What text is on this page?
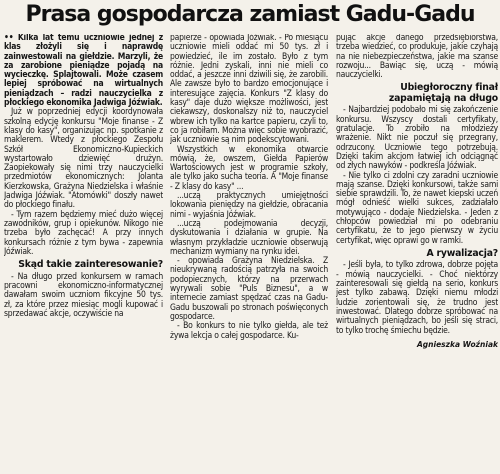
Prasa gospodarcza zamiast Gadu-Gadu

•• Kilka lat temu uczniowie jednej z klas złożyli się i naprawdę zainwestowali na giełdzie. Marzyli, że za zarobione pieniądze pojadą na wycieczkę. Splajtowali. Może czasem lepiej spróbować na wirtualnych pieniądzach – radzi nauczycielka z płockiego ekonomika Jadwiga Jóźwiak.

Już w poprzedniej edycji koordynowała szkolną edycję konkursu "Moje finanse - Z klasy do kasy", organizując np. spotkanie z maklerem. Wtedy z płockiego Zespołu Szkół Ekonomiczno-Kupieckich wystartowało dziewięć drużyn. Zaopiekowały się nimi trzy nauczycielki przedmiotów ekonomicznych: Jolanta Kierzkowska, Grażyna Niedzielska i właśnie Jadwiga Jóźwiak. "Atomówki" doszły nawet do płockiego finału.

- Tym razem będziemy mieć dużo więcej zawodników, grup i opiekunów. Nikogo nie trzeba było zachęcać! A przy innych konkursach różnie z tym bywa - zapewnia Jóźwiak.

Skąd takie zainteresowanie?

- Na długo przed konkursem w ramach pracowni ekonomiczno-informatycznej dawałam swoim uczniom fikcyjne 50 tys. zł, za które przez miesiąc mogli kupować i sprzedawać akcje, oczywiście na

papierze - opowiada Jóźwiak. - Po miesiącu uczniowie mieli oddać mi 50 tys. zł i powiedzieć, ile im zostało. Było z tym różnie. Jedni zyskali, inni nie mieli co oddać, a jeszcze inni dziwili się, że zarobili. Ale zawsze było to bardzo emocjonujące i interesujące zajęcia. Konkurs "Z klasy do kasy" daje dużo większe możliwości, jest ciekawszy, doskonalszy niż to, nauczyciel wbrew ich tylko na kartce papieru, czyli to, co ja robiłam. Można więc sobie wyobrazić, jak uczniowie są nim podekscytowani.

Wszystkich w ekonomika otwarcie mówią, że, owszem, Giełda Papierów Wartościowych jest w programie szkoły, ale tylko jako sucha teoria. A "Moje finanse - Z klasy do kasy" ...

...uczą praktycznych umiejętności lokowania pieniędzy na giełdzie, obracania nimi - wyjaśnia Jóźwiak.

...uczą podejmowania decyzji, dyskutowania i działania w grupie. Na własnym przykładzie uczniowie obserwują mechanizm wymiany na rynku idei.

- opowiada Grażyna Niedzielska. Z nieukrywaną radością patrzyła na swoich podopiecznych, którzy na przerwach wyrywali sobie "Puls Biznesu", a w internecie zamiast spędzać czas na Gadu-Gadu buszowali po stronach poświęconych gospodarce.

- Bo konkurs to nie tylko giełda, ale też żywa lekcja o całej gospodarce. Ku-

pując akcje danego przedsiębiorstwa, trzeba wiedzieć, co produkuje, jakie czyhają na nie niebezpieczeństwa, jakie ma szanse rozwoju... Bawiąc się, uczą - mówią nauczycielki.

Ubiegłoroczny finał zapamiętają na długo

- Najbardziej podobało mi się zakończenie konkursu. Wszyscy dostali certyfikaty, gratulacje. To zrobiło na młodzieży wrażenie. Nikt nie poczuł się przegrany, odrzucony. Uczniowie tego potrzebują. Dzięki takim akcjom łatwiej ich odciągnąć od złych nawyków - podkreśla Jóźwiak.

- Nie tylko ci zdolni czy zaradni uczniowie mają szanse. Dzięki konkursowi, także sami siebie sprawdzili. To, że nawet kiepski uczeń mógł odnieść wielki sukces, zadziałało motywująco - dodaje Niedzielska. - Jeden z chłopców powiedział mi po odebraniu certyfikatu, że to jego pierwszy w życiu certyfikat, więc oprawi go w ramki.

A rywalizacja?

- Jeśli była, to tylko zdrowa, dobrze pojęta - mówią nauczycielki. - Choć niektórzy zainteresowali się giełdą na serio, konkurs jest tylko zabawą. Dzięki niemu młodzi ludzie zorientowali się, że trudno jest inwestować. Dlatego dobrze spróbować na wirtualnych pieniądzach, bo jeśli się straci, to tylko trochę śmiechu będzie.

Agnieszka Woźniak
